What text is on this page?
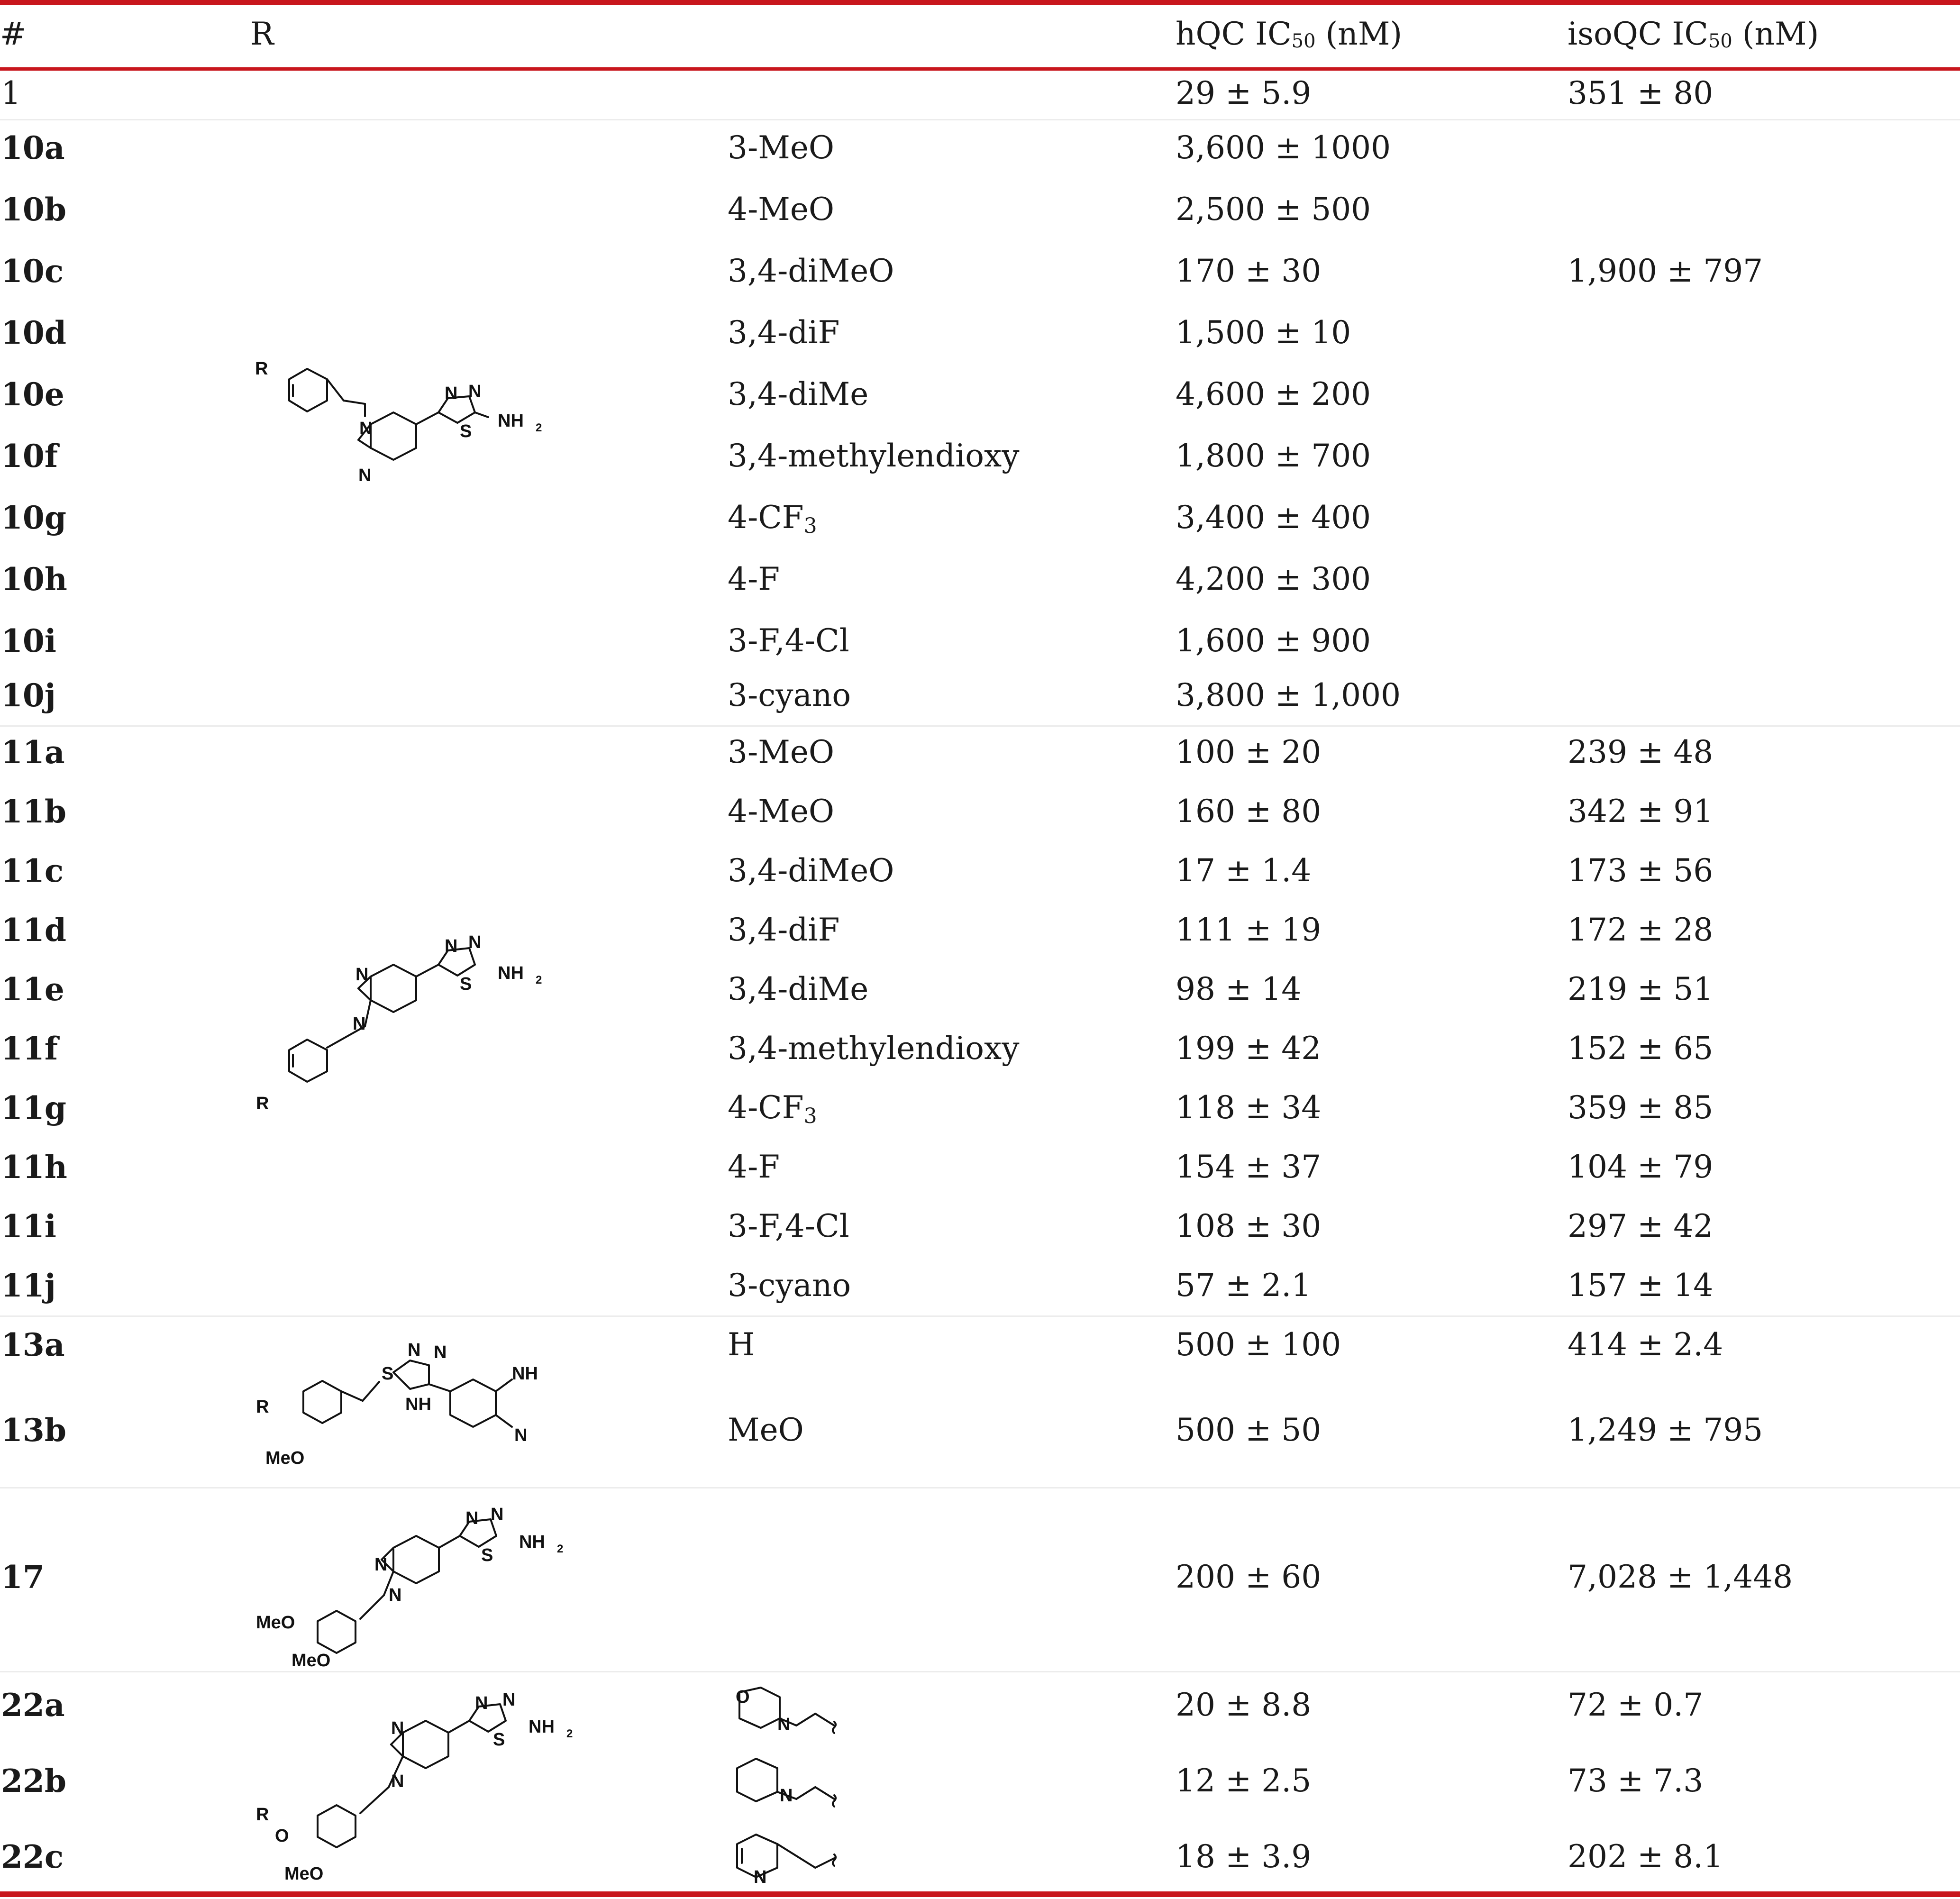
#	R	hQC $IC_{50}$ (nM)	isoQC $IC_{50}$ (nM)
1	29 ± 5.9	351 ± 80
10a	3-MeO	3,600 ± 1000
10b	4-MeO	2,500 ± 500
10c	3,4-diMeO	170 ± 30	1,900 ± 797
10d	3,4-diF	1,500 ± 10
10e	3,4-diMe	4,600 ± 200
10f	3,4-methylendioxy	1,800 ± 700
10g	$4-CF_3$	3,400 ± 400
10h	4-F	4,200 ± 300
10i	3-F,4-Cl	1,600 ± 900
10j	3-cyano	3,800 ± 1,000
11a	3-MeO	100 ± 20	239 ± 48
11b	4-MeO	160 ± 80	342 ± 91
11c	3,4-diMeO	17 ± 1.4	173 ± 56
11d	3,4-diF	111 ± 19	172 ± 28
11e	3,4-diMe	98 ± 14	219 ± 51
11f	3,4-methylendioxy	199 ± 42	152 ± 65
11g	$4-CF_3$	118 ± 34	359 ± 85
11h	4-F	154 ± 37	104 ± 79
11i	3-F,4-Cl	108 ± 30	297 ± 42
11j	3-cyano	57 ± 2.1	157 ± 14
13a	H	500 ± 100	414 ± 2.4
13b	MeO	500 ± 50	1,249 ± 795
17	200 ± 60	7,028 ± 1,448
22a	20 ± 8.8	72 ± 0.7
22b	12 ± 2.5	73 ± 7.3
22c	18 ± 3.9	202 ± 8.1
R
N
N
N N
S
NH 2
N
N
N N
S
NH 2
R
R
MeO
S
N N
NH
NH
N
N
N
N N
S
NH 2
MeO
MeO
N
N
N N
S
NH 2
R
O
MeO
O
N
N
N
